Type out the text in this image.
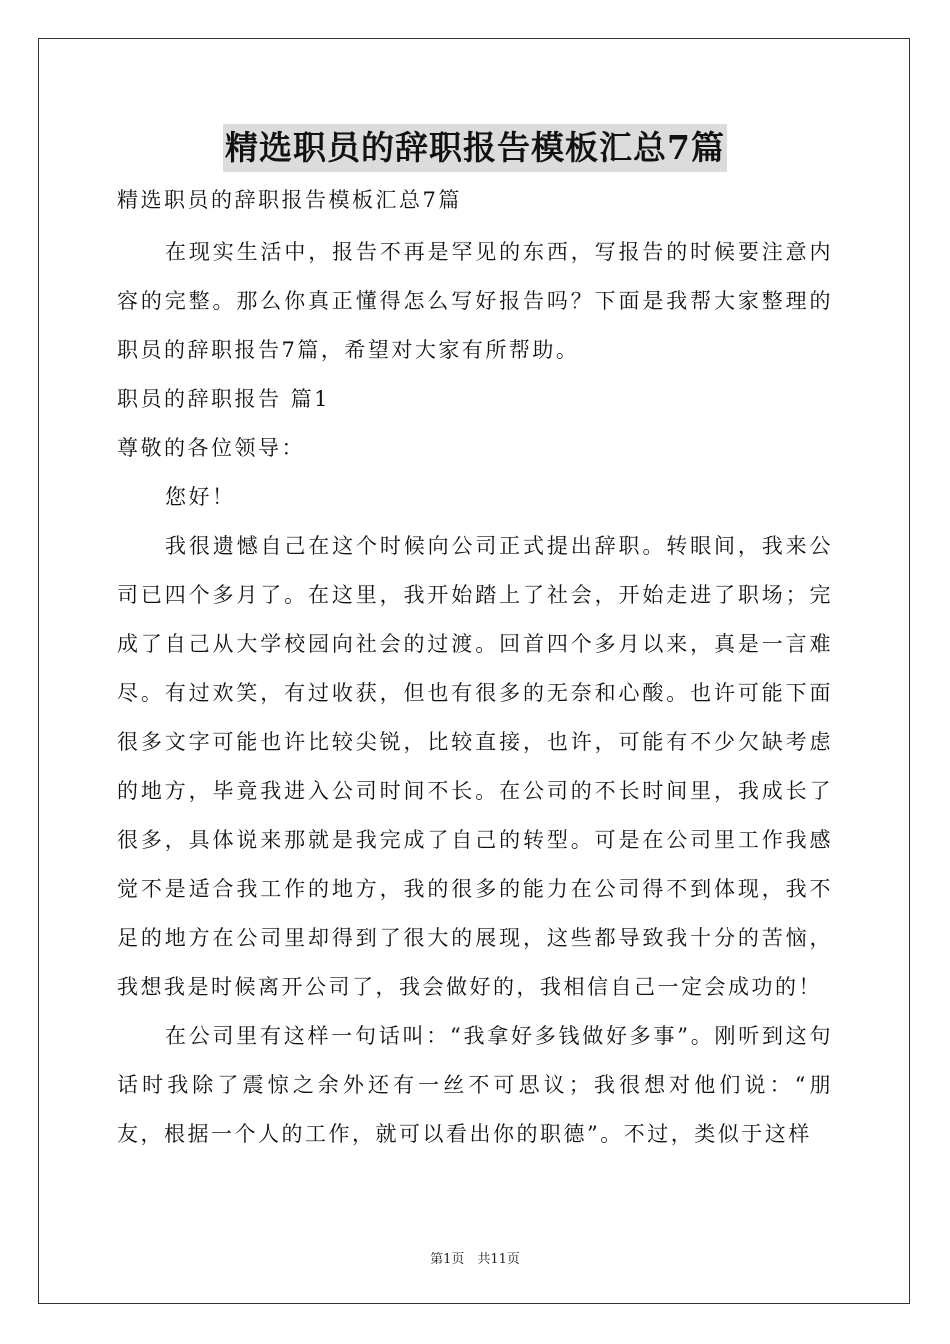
精选职员的辞职报告模板汇总7篇

精选职员的辞职报告模板汇总7篇

在现实生活中，报告不再是罕见的东西，写报告的时候要注意内容的完整。那么你真正懂得怎么写好报告吗？下面是我帮大家整理的职员的辞职报告7篇，希望对大家有所帮助。

职员的辞职报告 篇1

尊敬的各位领导：

您好！

我很遗憾自己在这个时候向公司正式提出辞职。转眼间，我来公司已四个多月了。在这里，我开始踏上了社会，开始走进了职场；完成了自己从大学校园向社会的过渡。回首四个多月以来，真是一言难尽。有过欢笑，有过收获，但也有很多的无奈和心酸。也许可能下面很多文字可能也许比较尖锐，比较直接，也许，可能有不少欠缺考虑的地方，毕竟我进入公司时间不长。在公司的不长时间里，我成长了很多，具体说来那就是我完成了自己的转型。可是在公司里工作我感觉不是适合我工作的地方，我的很多的能力在公司得不到体现，我不足的地方在公司里却得到了很大的展现，这些都导致我十分的苦恼，我想我是时候离开公司了，我会做好的，我相信自己一定会成功的！

在公司里有这样一句话叫：“我拿好多钱做好多事”。刚听到这句话时我除了震惊之余外还有一丝不可思议；我很想对他们说：“朋友，根据一个人的工作，就可以看出你的职德”。不过，类似于这样

第1页　共11页
